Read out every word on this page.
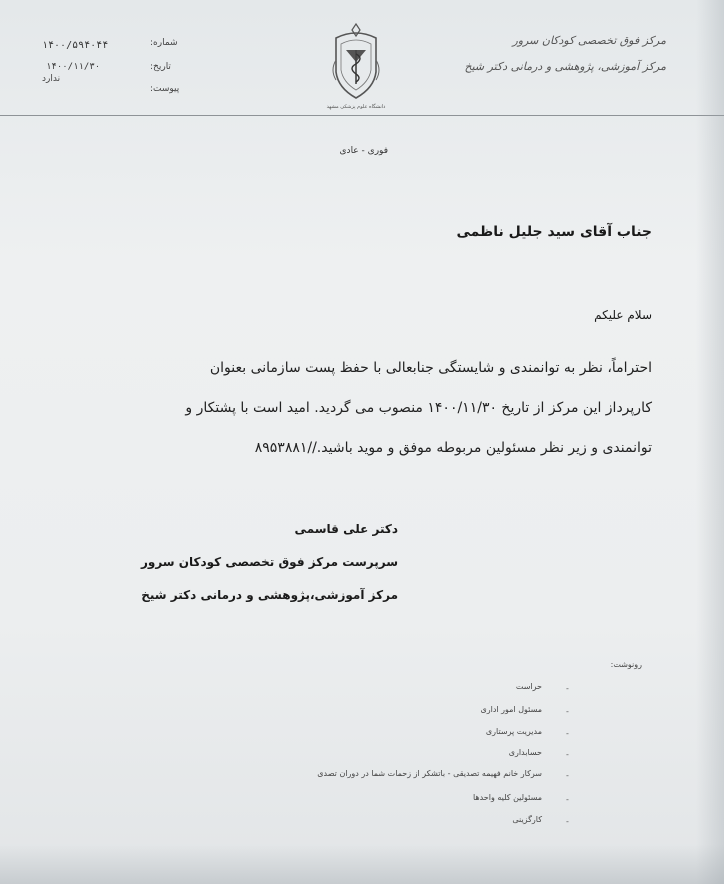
مرکز فوق تخصصی کودکان سرور
مرکز آموزشی، پژوهشی و درمانی دکتر شیخ
دانشگاه علوم پزشکی مشهد
شماره:
۱۴۰۰/۵۹۴۰۴۴
تاریخ:
۱۴۰۰/۱۱/۳۰
پیوست:
ندارد
فوری - عادی
جناب آقای سید جلیل ناظمی
سلام علیکم
احتراماً، نظر به توانمندی و شایستگی جنابعالی با حفظ پست سازمانی بعنوان
کارپرداز این مرکز از تاریخ ۱۴۰۰/۱۱/۳۰ منصوب می گردید. امید است با پشتکار و
توانمندی و زیر نظر مسئولین مربوطه موفق و موید باشید.//۸۹۵۳۸۸۱
دکتر علی قاسمی
سرپرست مرکز فوق تخصصی کودکان سرور
مرکز آموزشی،پژوهشی و درمانی دکتر شیخ
رونوشت:
-
حراست
-
مسئول امور اداری
-
مدیریت پرستاری
-
حسابداری
-
سرکار خانم فهیمه تصدیقی - باتشکر از زحمات شما در دوران تصدی
-
مسئولین کلیه واحدها
-
کارگزینی
